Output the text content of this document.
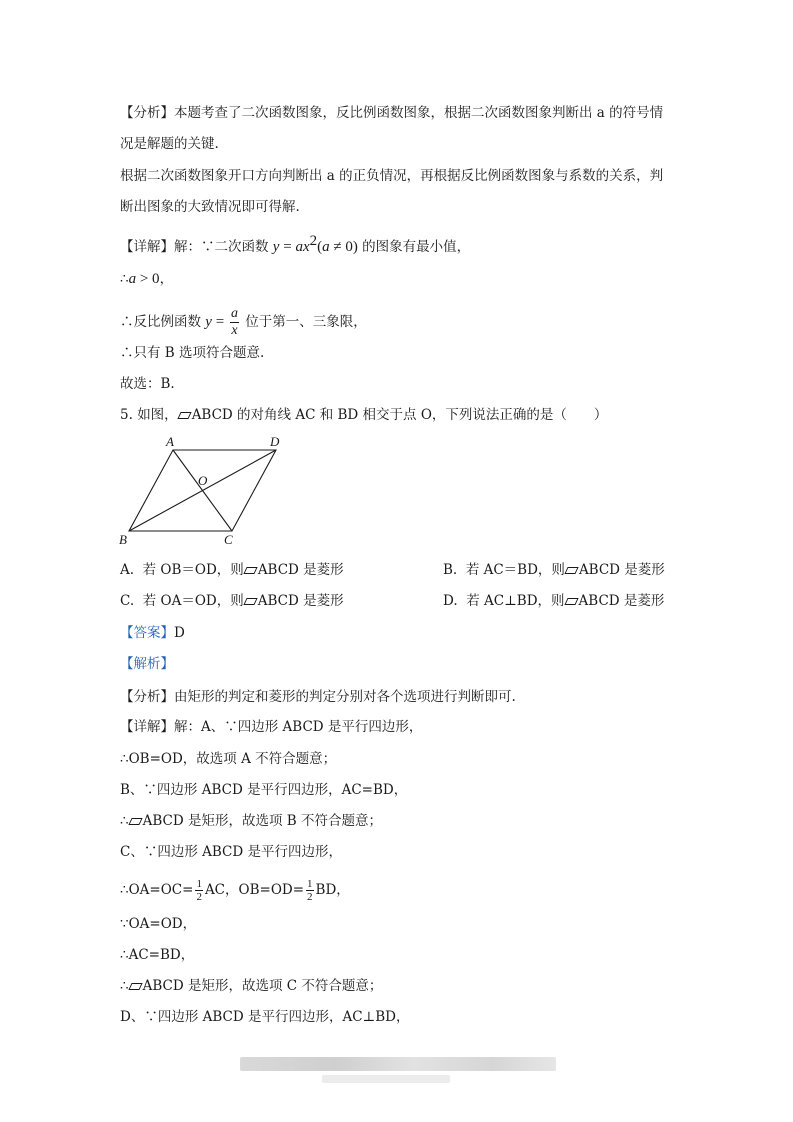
【分析】本题考查了二次函数图象，反比例函数图象，根据二次函数图象判断出 a 的符号情
况是解题的关键.
根据二次函数图象开口方向判断出 a 的正负情况，再根据反比例函数图象与系数的关系，判
断出图象的大致情况即可得解.
【详解】解：∵二次函数 $y = ax^2(a \ne 0)$ 的图象有最小值，
∴a > 0，
∴反比例函数 $y = \frac{a}{x}$ 位于第一、三象限，
∴只有 B 选项符合题意.
故选：B.
5. 如图， ABCD 的对角线 AC 和 BD 相交于点 O，下列说法正确的是（　　）
A	D
O
B	C
A. 若 OB＝OD，则 ABCD 是菱形	B. 若 AC＝BD，则 ABCD 是菱形
C. 若 OA＝OD，则 ABCD 是菱形	D. 若 AC⊥BD，则 ABCD 是菱形
【答案】D
【解析】
【分析】由矩形的判定和菱形的判定分别对各个选项进行判断即可.
【详解】解：A、∵四边形 ABCD 是平行四边形，
∴OB=OD，故选项 A 不符合题意；
B、∵四边形 ABCD 是平行四边形，AC=BD，
∴ ABCD 是矩形，故选项 B 不符合题意；
C、∵四边形 ABCD 是平行四边形，
∴OA=OC= $\frac{1}{2}$ AC，$OB=OD= \frac{1}{2}$ BD，
∵OA=OD，
∴AC=BD，
∴ ABCD 是矩形，故选项 C 不符合题意；
D、∵四边形 ABCD 是平行四边形，AC⊥BD，
